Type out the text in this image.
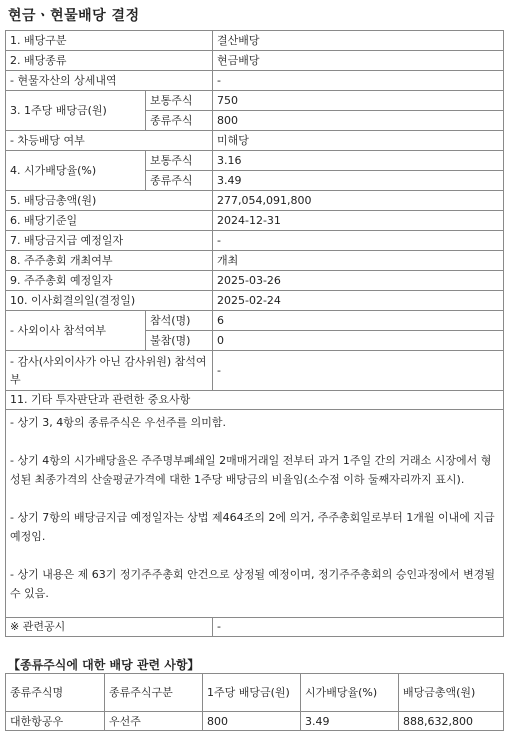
현금ㆍ현물배당 결정
1. 배당구분		결산배당
2. 배당종류		현금배당
- 현물자산의 상세내역		-
3. 1주당 배당금(원)	보통주식	750
	종류주식	800
- 차등배당 여부		미해당
4. 시가배당율(%)	보통주식	3.16
	종류주식	3.49
5. 배당금총액(원)		277,054,091,800
6. 배당기준일		2024-12-31
7. 배당금지급 예정일자		-
8. 주주총회 개최여부		개최
9. 주주총회 예정일자		2025-03-26
10. 이사회결의일(결정일)		2025-02-24
- 사외이사 참석여부	참석(명)	6
	불참(명)	0
- 감사(사외이사가 아닌 감사위원) 참석여부		-
11. 기타 투자판단과 관련한 중요사항		

- 상기 3, 4항의 종류주식은 우선주를 의미함.

- 상기 4항의 시가배당율은 주주명부폐쇄일 2매매거래일 전부터 과거 1주일 간의 거래소 시장에서 형성된 최종가격의 산술평균가격에 대한 1주당 배당금의 비율임(소수점 이하 둘째자리까지 표시).

- 상기 7항의 배당금지급 예정일자는 상법 제464조의 2에 의거, 주주총회일로부터 1개월 이내에 지급 예정임.

- 상기 내용은 제 63기 정기주주총회 안건으로 상정될 예정이며, 정기주주총회의 승인과정에서 변경될 수 있음.		

※ 관련공시		-
【종류주식에 대한 배당 관련 사항】
종류주식명	종류주식구분	1주당 배당금(원)	시가배당율(%)	배당금총액(원)
대한항공우	우선주	800	3.49	888,632,800
